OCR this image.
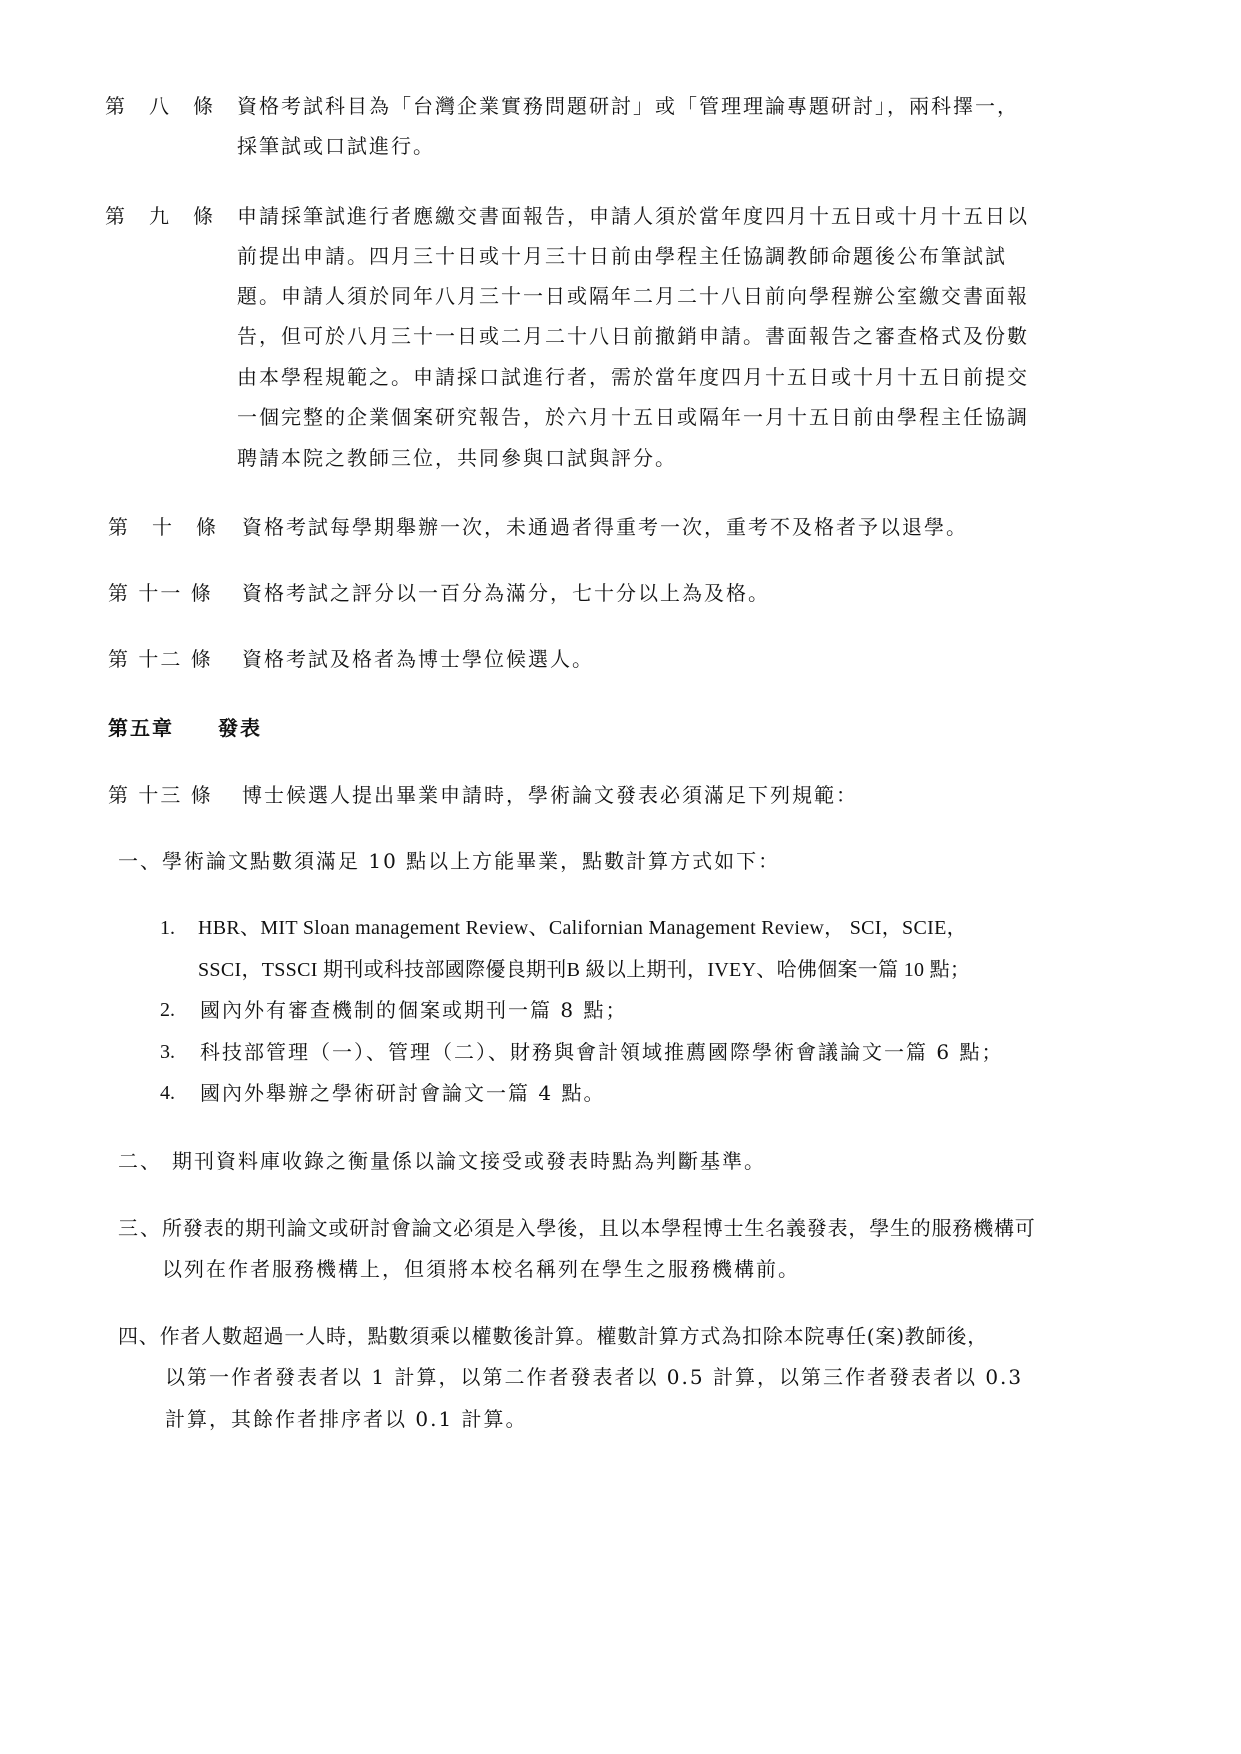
第　八　條 資格考試科目為「台灣企業實務問題研討」或「管理理論專題研討」，兩科擇一，
採筆試或口試進行。
第　九　條 申請採筆試進行者應繳交書面報告，申請人須於當年度四月十五日或十月十五日以
前提出申請。四月三十日或十月三十日前由學程主任協調教師命題後公布筆試試
題。申請人須於同年八月三十一日或隔年二月二十八日前向學程辦公室繳交書面報
告，但可於八月三十一日或二月二十八日前撤銷申請。書面報告之審查格式及份數
由本學程規範之。申請採口試進行者，需於當年度四月十五日或十月十五日前提交
一個完整的企業個案研究報告，於六月十五日或隔年一月十五日前由學程主任協調
聘請本院之教師三位，共同參與口試與評分。
第　十　條 資格考試每學期舉辦一次，未通過者得重考一次，重考不及格者予以退學。
第 十一 條 資格考試之評分以一百分為滿分，七十分以上為及格。
第 十二 條 資格考試及格者為博士學位候選人。
第五章 發表
第 十三 條 博士候選人提出畢業申請時，學術論文發表必須滿足下列規範：
一、學術論文點數須滿足 10 點以上方能畢業，點數計算方式如下：
1. HBR、MIT Sloan management Review、Californian Management Review， SCI，SCIE，
SSCI，TSSCI 期刊或科技部國際優良期刊B 級以上期刊，IVEY、哈佛個案一篇 10 點；
2. 國內外有審查機制的個案或期刊一篇 8 點；
3. 科技部管理（一）、管理（二）、財務與會計領域推薦國際學術會議論文一篇 6 點；
4. 國內外舉辦之學術研討會論文一篇 4 點。
二、 期刊資料庫收錄之衡量係以論文接受或發表時點為判斷基準。
三、 所發表的期刊論文或研討會論文必須是入學後，且以本學程博士生名義發表，學生的服務機構可
以列在作者服務機構上，但須將本校名稱列在學生之服務機構前。
四、作者人數超過一人時，點數須乘以權數後計算。權數計算方式為扣除本院專任(案)教師後，
以第一作者發表者以 1 計算，以第二作者發表者以 0.5 計算，以第三作者發表者以 0.3
計算，其餘作者排序者以 0.1 計算。
